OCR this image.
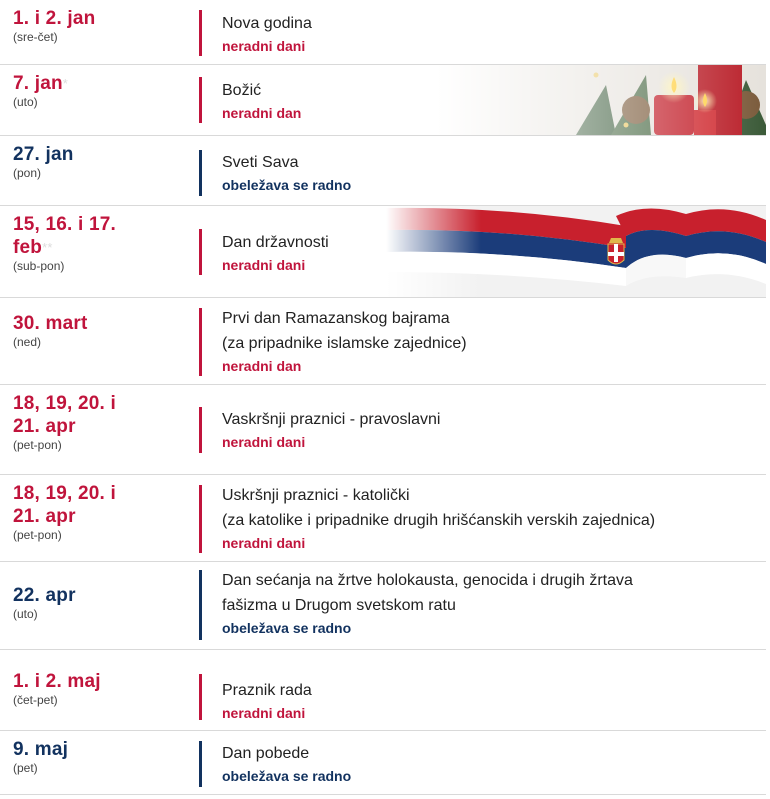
1. i 2. jan
(sre-čet)
Nova godina
neradni dani
7. jan*
(uto)
Božić
neradni dan
27. jan
(pon)
Sveti Sava
obeležava se radno
15, 16. i 17.
feb**
(sub-pon)
Dan državnosti
neradni dani
30. mart
(ned)
Prvi dan Ramazanskog bajrama
(za pripadnike islamske zajednice)
neradni dan
18, 19, 20. i
21. apr
(pet-pon)
Vaskršnji praznici - pravoslavni
neradni dani
18, 19, 20. i
21. apr
(pet-pon)
Uskršnji praznici - katolički
(za katolike i pripadnike drugih hrišćanskih verskih zajednica)
neradni dani
22. apr
(uto)
Dan sećanja na žrtve holokausta, genocida i drugih žrtava
fašizma u Drugom svetskom ratu
obeležava se radno
1. i 2. maj
(čet-pet)
Praznik rada
neradni dani
9. maj
(pet)
Dan pobede
obeležava se radno
